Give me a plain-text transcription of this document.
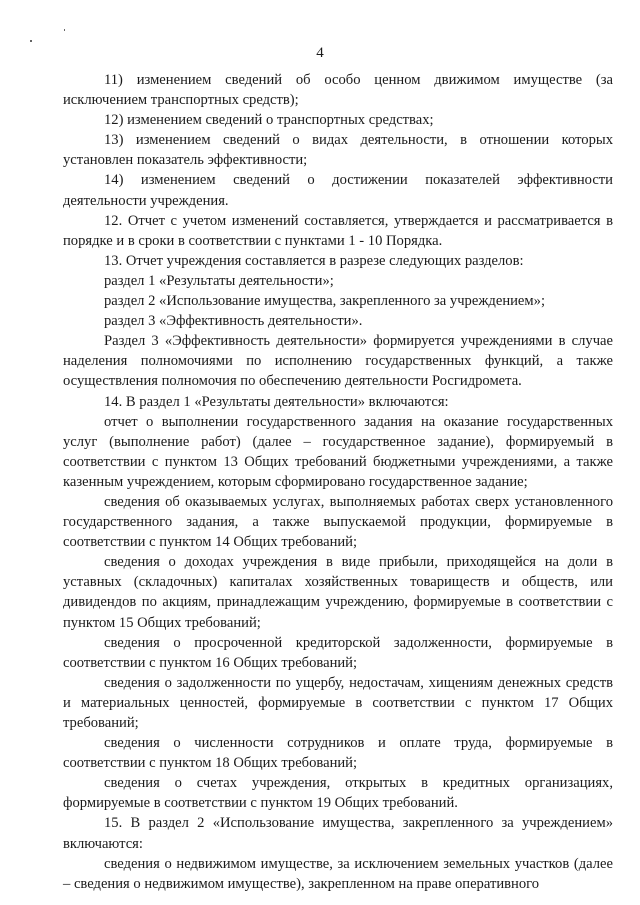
4

11) изменением сведений об особо ценном движимом имуществе (за исключением транспортных средств);

12) изменением сведений о транспортных средствах;

13) изменением сведений о видах деятельности, в отношении которых установлен показатель эффективности;

14) изменением сведений о достижении показателей эффективности деятельности учреждения.

12. Отчет с учетом изменений составляется, утверждается и рассматривается в порядке и в сроки в соответствии с пунктами 1 - 10 Порядка.

13. Отчет учреждения составляется в разрезе следующих разделов:

раздел 1 «Результаты деятельности»;

раздел 2 «Использование имущества, закрепленного за учреждением»;

раздел 3 «Эффективность деятельности».

Раздел 3 «Эффективность деятельности» формируется учреждениями в случае наделения полномочиями по исполнению государственных функций, а также осуществления полномочия по обеспечению деятельности Росгидромета.

14. В раздел 1 «Результаты деятельности» включаются:

отчет о выполнении государственного задания на оказание государственных услуг (выполнение работ) (далее – государственное задание), формируемый в соответствии с пунктом 13 Общих требований бюджетными учреждениями, а также казенным учреждением, которым сформировано государственное задание;

сведения об оказываемых услугах, выполняемых работах сверх установленного государственного задания, а также выпускаемой продукции, формируемые в соответствии с пунктом 14 Общих требований;

сведения о доходах учреждения в виде прибыли, приходящейся на доли в уставных (складочных) капиталах хозяйственных товариществ и обществ, или дивидендов по акциям, принадлежащим учреждению, формируемые в соответствии с пунктом 15 Общих требований;

сведения о просроченной кредиторской задолженности, формируемые в соответствии с пунктом 16 Общих требований;

сведения о задолженности по ущербу, недостачам, хищениям денежных средств и материальных ценностей, формируемые в соответствии с пунктом 17 Общих требований;

сведения о численности сотрудников и оплате труда, формируемые в соответствии с пунктом 18 Общих требований;

сведения о счетах учреждения, открытых в кредитных организациях, формируемые в соответствии с пунктом 19 Общих требований.

15. В раздел 2 «Использование имущества, закрепленного за учреждением» включаются:

сведения о недвижимом имуществе, за исключением земельных участков (далее – сведения о недвижимом имуществе), закрепленном на праве оперативного
